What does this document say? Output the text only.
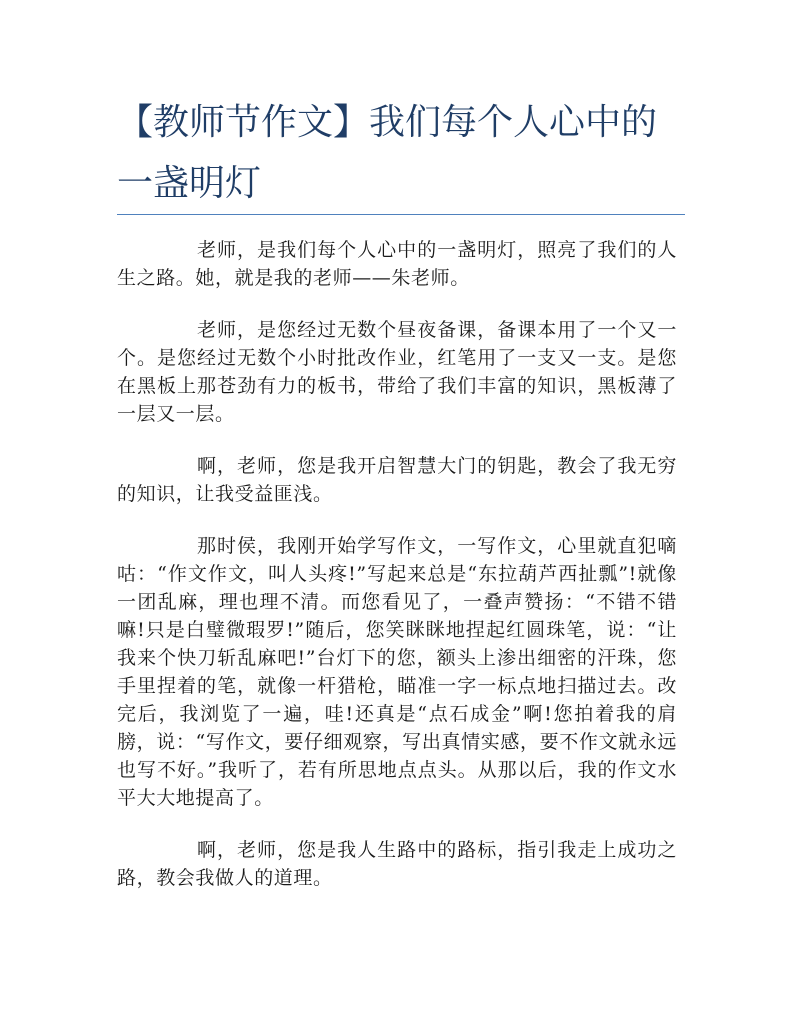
【教师节作文】我们每个人心中的一盏明灯

老师，是我们每个人心中的一盏明灯，照亮了我们的人生之路。她，就是我的老师——朱老师。

老师，是您经过无数个昼夜备课，备课本用了一个又一个。是您经过无数个小时批改作业，红笔用了一支又一支。是您在黑板上那苍劲有力的板书，带给了我们丰富的知识，黑板薄了一层又一层。

啊，老师，您是我开启智慧大门的钥匙，教会了我无穷的知识，让我受益匪浅。

那时侯，我刚开始学写作文，一写作文，心里就直犯嘀咕：“作文作文，叫人头疼!”写起来总是“东拉葫芦西扯瓢”!就像一团乱麻，理也理不清。而您看见了，一叠声赞扬：“不错不错嘛!只是白璧微瑕罗!”随后，您笑眯眯地捏起红圆珠笔，说：“让我来个快刀斩乱麻吧!”台灯下的您，额头上渗出细密的汗珠，您手里捏着的笔，就像一杆猎枪，瞄准一字一标点地扫描过去。改完后，我浏览了一遍，哇!还真是“点石成金”啊!您拍着我的肩膀，说：“写作文，要仔细观察，写出真情实感，要不作文就永远也写不好。”我听了，若有所思地点点头。从那以后，我的作文水平大大地提高了。

啊，老师，您是我人生路中的路标，指引我走上成功之路，教会我做人的道理。
